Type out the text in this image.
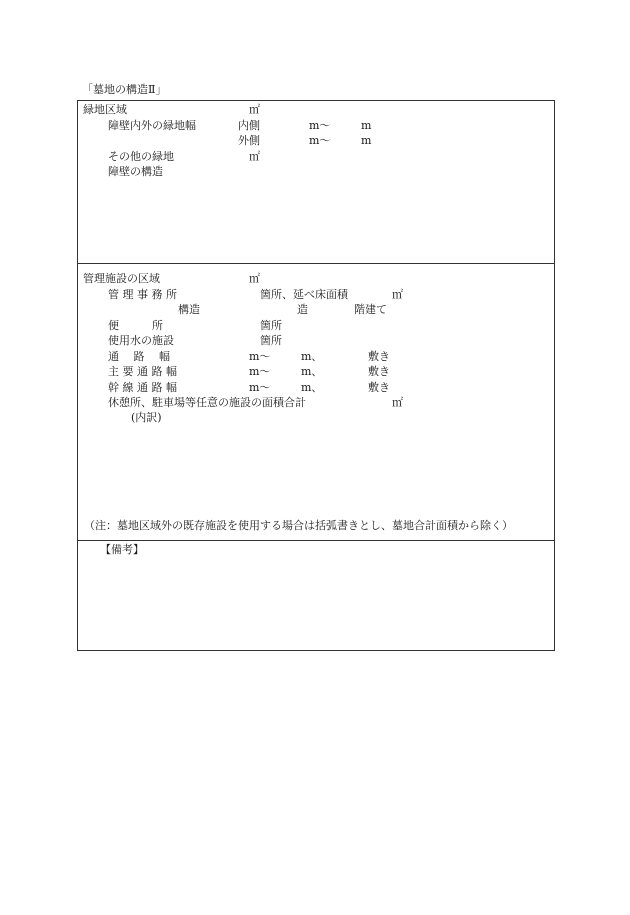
「墓地の構造Ⅱ」
緑地区域	㎡
障壁内外の緑地幅	内側	m～	m
外側	m～	m
その他の緑地	㎡
障壁の構造
管理施設の区域	㎡
管 理 事 務 所	箇所、延べ床面積	㎡
構造	造	階建て
便　　　所	箇所
使用水の施設	箇所
通　 路　 幅	m～	m、	敷き
主 要 通 路 幅	m～	m、	敷き
幹 線 通 路 幅	m～	m、	敷き
休憩所、駐車場等任意の施設の面積合計	㎡
(内訳)
（注：墓地区域外の既存施設を使用する場合は括弧書きとし、墓地合計面積から除く）
【備考】
